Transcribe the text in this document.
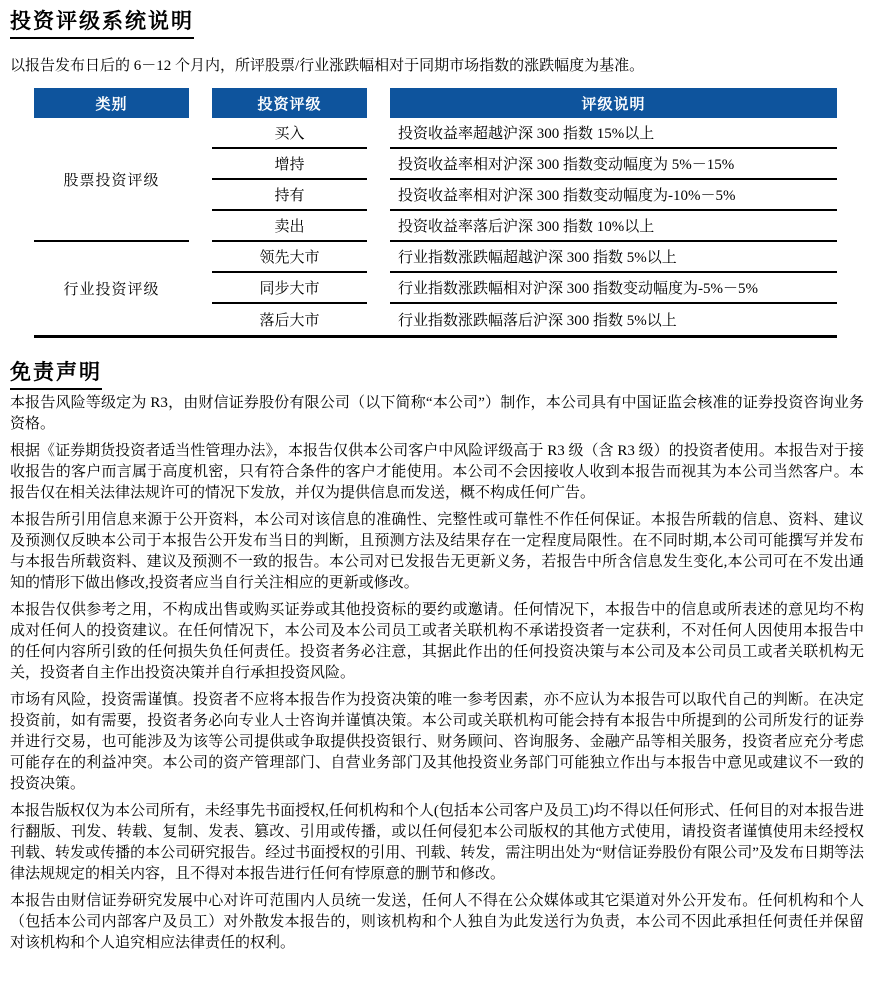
投资评级系统说明

以报告发布日后的 6－12 个月内，所评股票/行业涨跌幅相对于同期市场指数的涨跌幅度为基准。

类别	投资评级	评级说明
股票投资评级
买入	投资收益率超越沪深 300 指数 15%以上
增持	投资收益率相对沪深 300 指数变动幅度为 5%－15%
持有	投资收益率相对沪深 300 指数变动幅度为-10%－5%
卖出	投资收益率落后沪深 300 指数 10%以上
行业投资评级
领先大市	行业指数涨跌幅超越沪深 300 指数 5%以上
同步大市	行业指数涨跌幅相对沪深 300 指数变动幅度为-5%－5%
落后大市	行业指数涨跌幅落后沪深 300 指数 5%以上
免责声明

本报告风险等级定为 R3，由财信证券股份有限公司（以下简称“本公司”）制作，本公司具有中国证监会核准的证券投资咨询业务资格。

根据《证券期货投资者适当性管理办法》，本报告仅供本公司客户中风险评级高于 R3 级（含 R3 级）的投资者使用。本报告对于接收报告的客户而言属于高度机密，只有符合条件的客户才能使用。本公司不会因接收人收到本报告而视其为本公司当然客户。本报告仅在相关法律法规许可的情况下发放，并仅为提供信息而发送，概不构成任何广告。

本报告所引用信息来源于公开资料，本公司对该信息的准确性、完整性或可靠性不作任何保证。本报告所载的信息、资料、建议及预测仅反映本公司于本报告公开发布当日的判断，且预测方法及结果存在一定程度局限性。在不同时期,本公司可能撰写并发布与本报告所载资料、建议及预测不一致的报告。本公司对已发报告无更新义务，若报告中所含信息发生变化,本公司可在不发出通知的情形下做出修改,投资者应当自行关注相应的更新或修改。

本报告仅供参考之用，不构成出售或购买证券或其他投资标的要约或邀请。任何情况下，本报告中的信息或所表述的意见均不构成对任何人的投资建议。在任何情况下，本公司及本公司员工或者关联机构不承诺投资者一定获利，不对任何人因使用本报告中的任何内容所引致的任何损失负任何责任。投资者务必注意，其据此作出的任何投资决策与本公司及本公司员工或者关联机构无关，投资者自主作出投资决策并自行承担投资风险。

市场有风险，投资需谨慎。投资者不应将本报告作为投资决策的唯一参考因素，亦不应认为本报告可以取代自己的判断。在决定投资前，如有需要，投资者务必向专业人士咨询并谨慎决策。本公司或关联机构可能会持有本报告中所提到的公司所发行的证券并进行交易，也可能涉及为该等公司提供或争取提供投资银行、财务顾问、咨询服务、金融产品等相关服务，投资者应充分考虑可能存在的利益冲突。本公司的资产管理部门、自营业务部门及其他投资业务部门可能独立作出与本报告中意见或建议不一致的投资决策。

本报告版权仅为本公司所有，未经事先书面授权,任何机构和个人(包括本公司客户及员工)均不得以任何形式、任何目的对本报告进行翻版、刊发、转载、复制、发表、篡改、引用或传播，或以任何侵犯本公司版权的其他方式使用，请投资者谨慎使用未经授权刊载、转发或传播的本公司研究报告。经过书面授权的引用、刊载、转发，需注明出处为“财信证券股份有限公司”及发布日期等法律法规规定的相关内容，且不得对本报告进行任何有悖原意的删节和修改。

本报告由财信证券研究发展中心对许可范围内人员统一发送，任何人不得在公众媒体或其它渠道对外公开发布。任何机构和个人（包括本公司内部客户及员工）对外散发本报告的，则该机构和个人独自为此发送行为负责，本公司不因此承担任何责任并保留对该机构和个人追究相应法律责任的权利。
